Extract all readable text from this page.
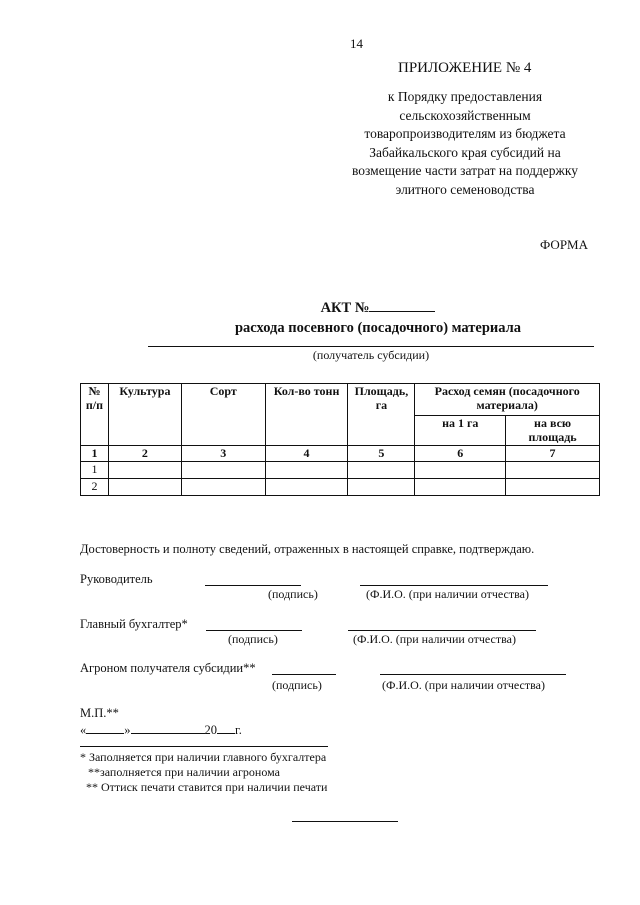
14
ПРИЛОЖЕНИЕ № 4
к Порядку предоставления
сельскохозяйственным
товаропроизводителям из бюджета
Забайкальского края субсидий на
возмещение части затрат на поддержку
элитного семеноводства
ФОРМА
АКТ №
расхода посевного (посадочного) материала
(получатель субсидии)
№ п/п	Культура	Сорт	Кол-во тонн	Площадь, га	Расход семян (посадочного материала)	
					на 1 га	на всю площадь
1	2	3	4	5	6	7
1						
2						
Достоверность и полноту сведений, отраженных в настоящей справке, подтверждаю.
Руководитель
(подпись)	(Ф.И.О. (при наличии отчества)
Главный бухгалтер*
(подпись)	(Ф.И.О. (при наличии отчества)
Агроном получателя субсидии**
(подпись)	(Ф.И.О. (при наличии отчества)
М.П.**
«	»	20 г.
* Заполняется при наличии главного бухгалтера
**заполняется при наличии агронома
** Оттиск печати ставится при наличии печати
